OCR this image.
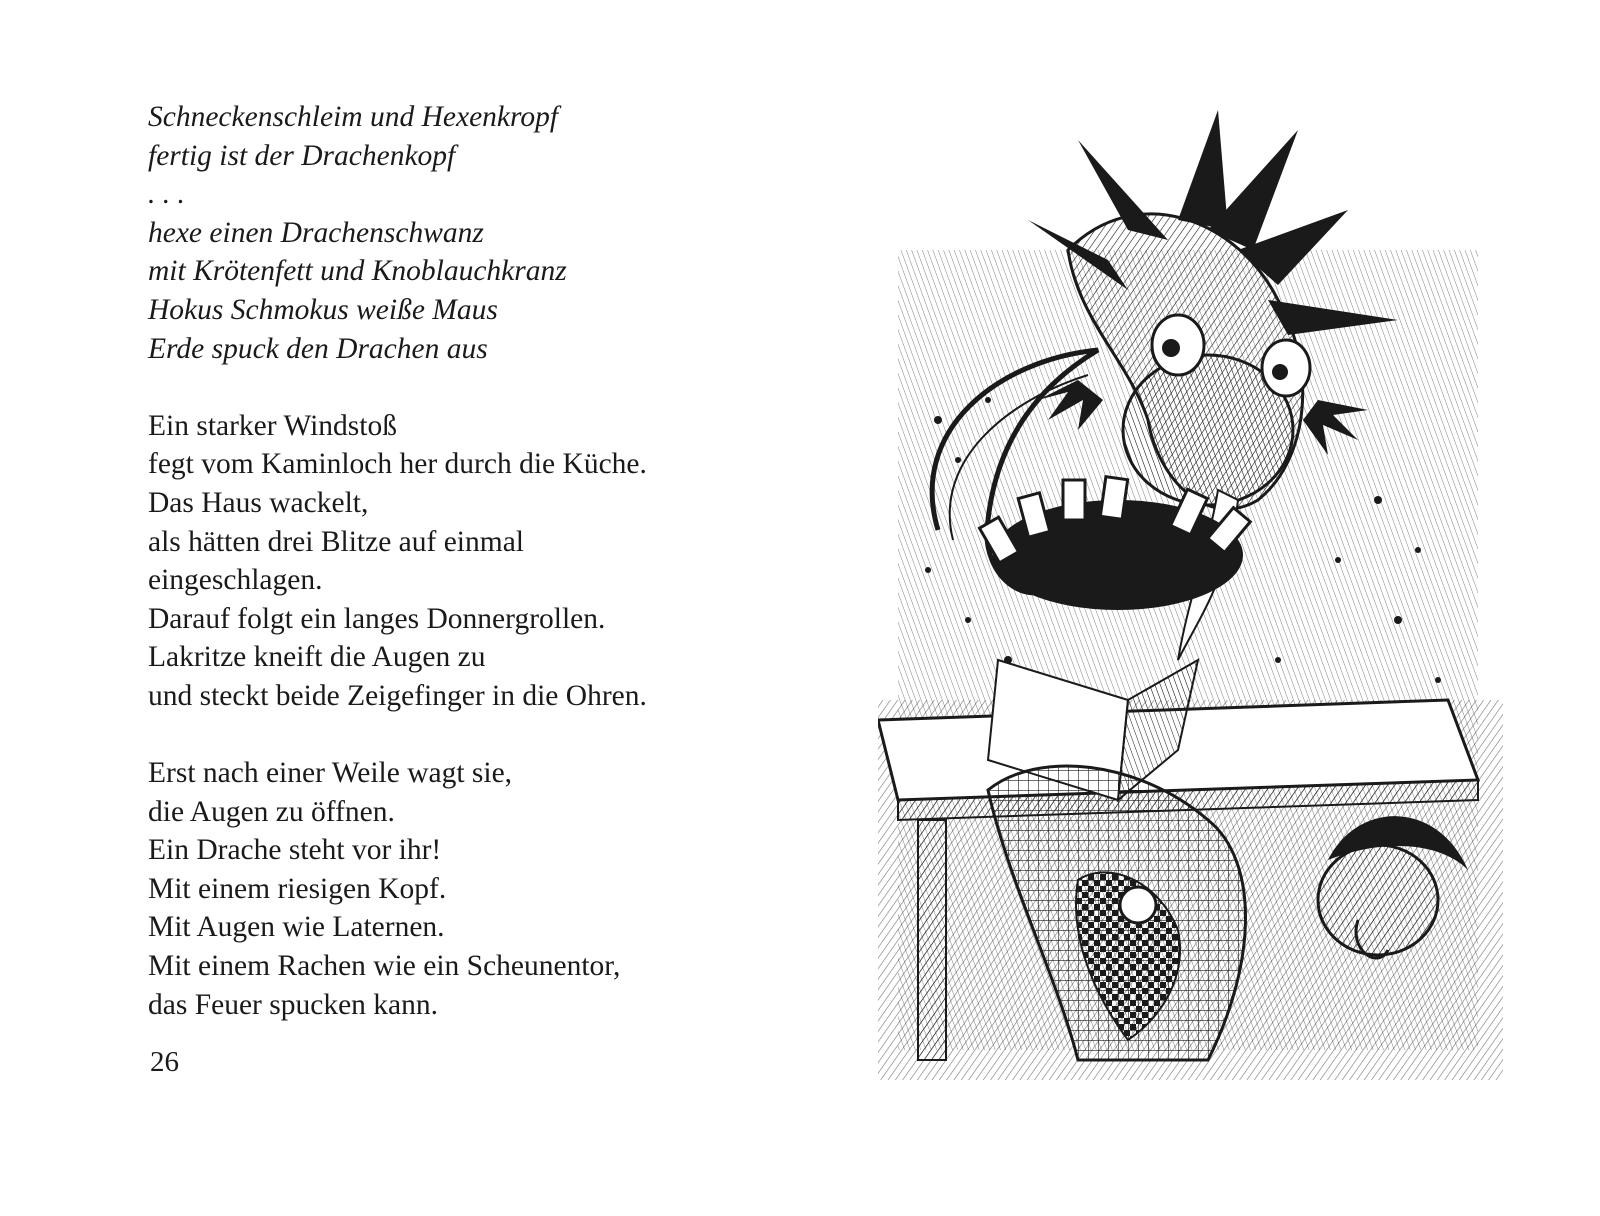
Schneckenschleim und Hexenkropf
fertig ist der Drachenkopf
. . .
hexe einen Drachenschwanz
mit Krötenfett und Knoblauchkranz
Hokus Schmokus weiße Maus
Erde spuck den Drachen aus
Ein starker Windstoß
fegt vom Kaminloch her durch die Küche.
Das Haus wackelt,
als hätten drei Blitze auf einmal
eingeschlagen.
Darauf folgt ein langes Donnergrollen.
Lakritze kneift die Augen zu
und steckt beide Zeigefinger in die Ohren.
Erst nach einer Weile wagt sie,
die Augen zu öffnen.
Ein Drache steht vor ihr!
Mit einem riesigen Kopf.
Mit Augen wie Laternen.
Mit einem Rachen wie ein Scheunentor,
das Feuer spucken kann.
26
